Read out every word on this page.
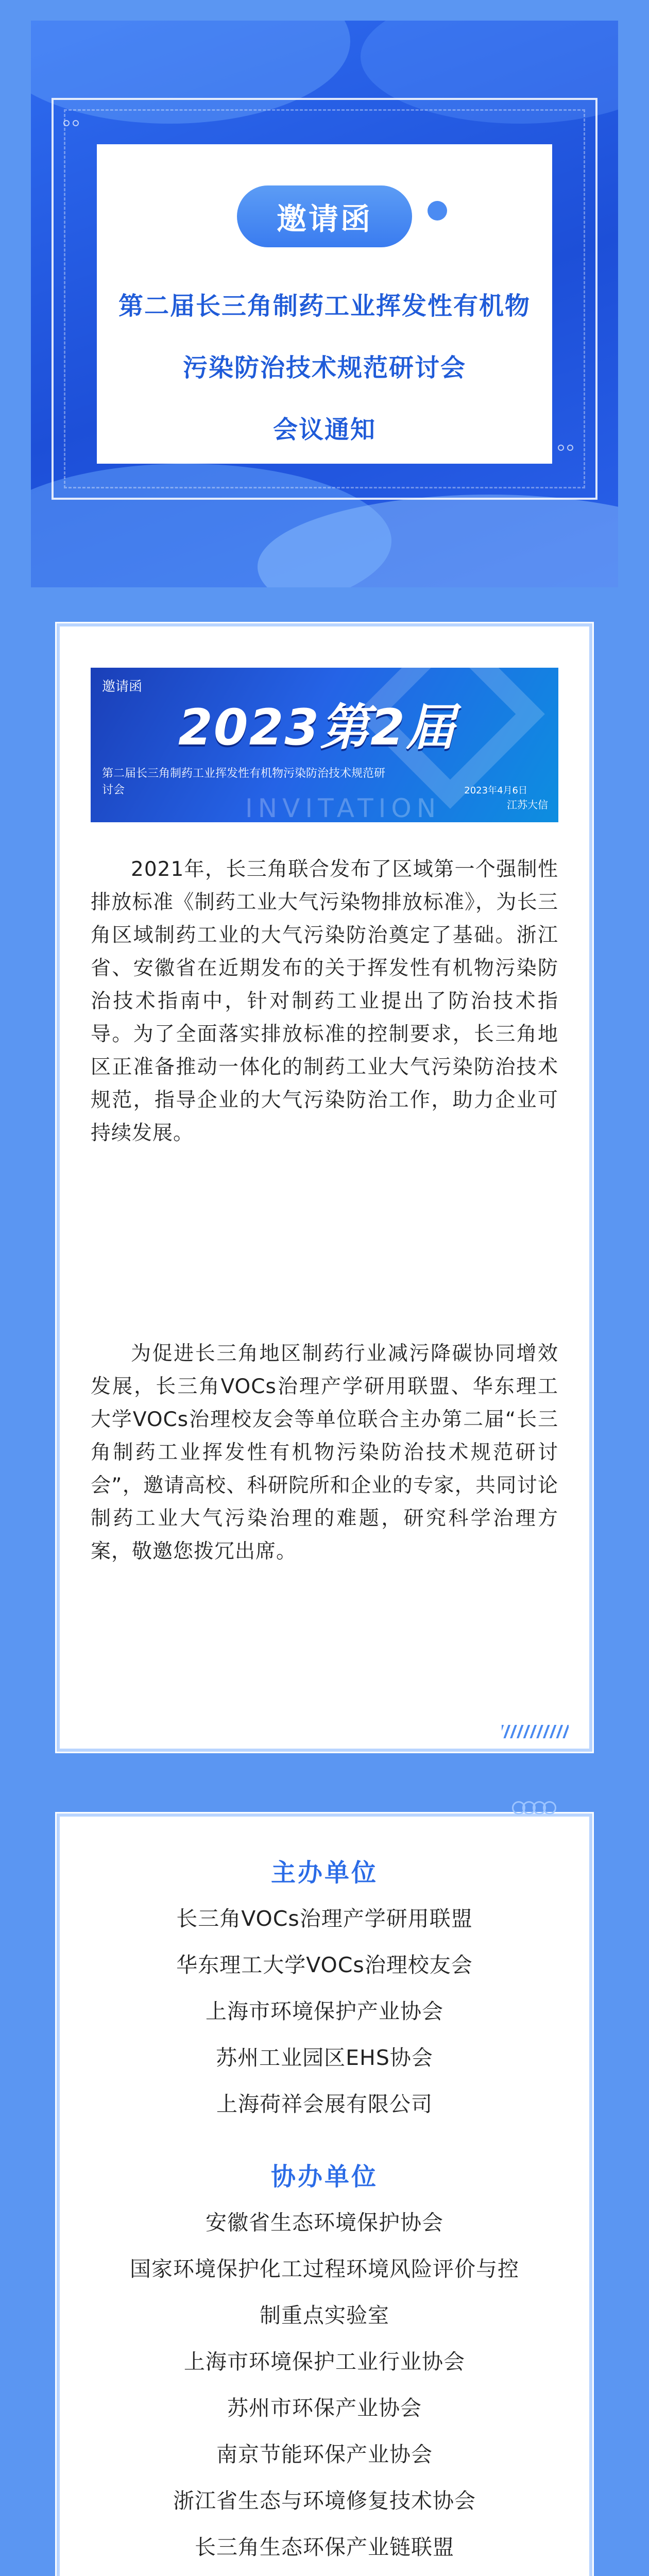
邀请函
第二届长三角制药工业挥发性有机物
污染防治技术规范研讨会
会议通知
邀请函
2023第2届
第二届长三角制药工业挥发性有机物污染防治技术规范研讨会
INVITATION
2023年4月6日
江苏大信

2021年，长三角联合发布了区域第一个强制性排放标准《制药工业大气污染物排放标准》，为长三角区域制药工业的大气污染防治奠定了基础。浙江省、安徽省在近期发布的关于挥发性有机物污染防治技术指南中，针对制药工业提出了防治技术指导。为了全面落实排放标准的控制要求，长三角地区正准备推动一体化的制药工业大气污染防治技术规范，指导企业的大气污染防治工作，助力企业可持续发展。

为促进长三角地区制药行业减污降碳协同增效发展，长三角VOCs治理产学研用联盟、华东理工大学VOCs治理校友会等单位联合主办第二届“长三角制药工业挥发性有机物污染防治技术规范研讨会”，邀请高校、科研院所和企业的专家，共同讨论制药工业大气污染治理的难题，研究科学治理方案，敬邀您拨冗出席。

主办单位
长三角VOCs治理产学研用联盟
华东理工大学VOCs治理校友会
上海市环境保护产业协会
苏州工业园区EHS协会
上海荷祥会展有限公司
协办单位
安徽省生态环境保护协会
国家环境保护化工过程环境风险评价与控
制重点实验室
上海市环境保护工业行业协会
苏州市环保产业协会
南京节能环保产业协会
浙江省生态与环境修复技术协会
长三角生态环保产业链联盟
